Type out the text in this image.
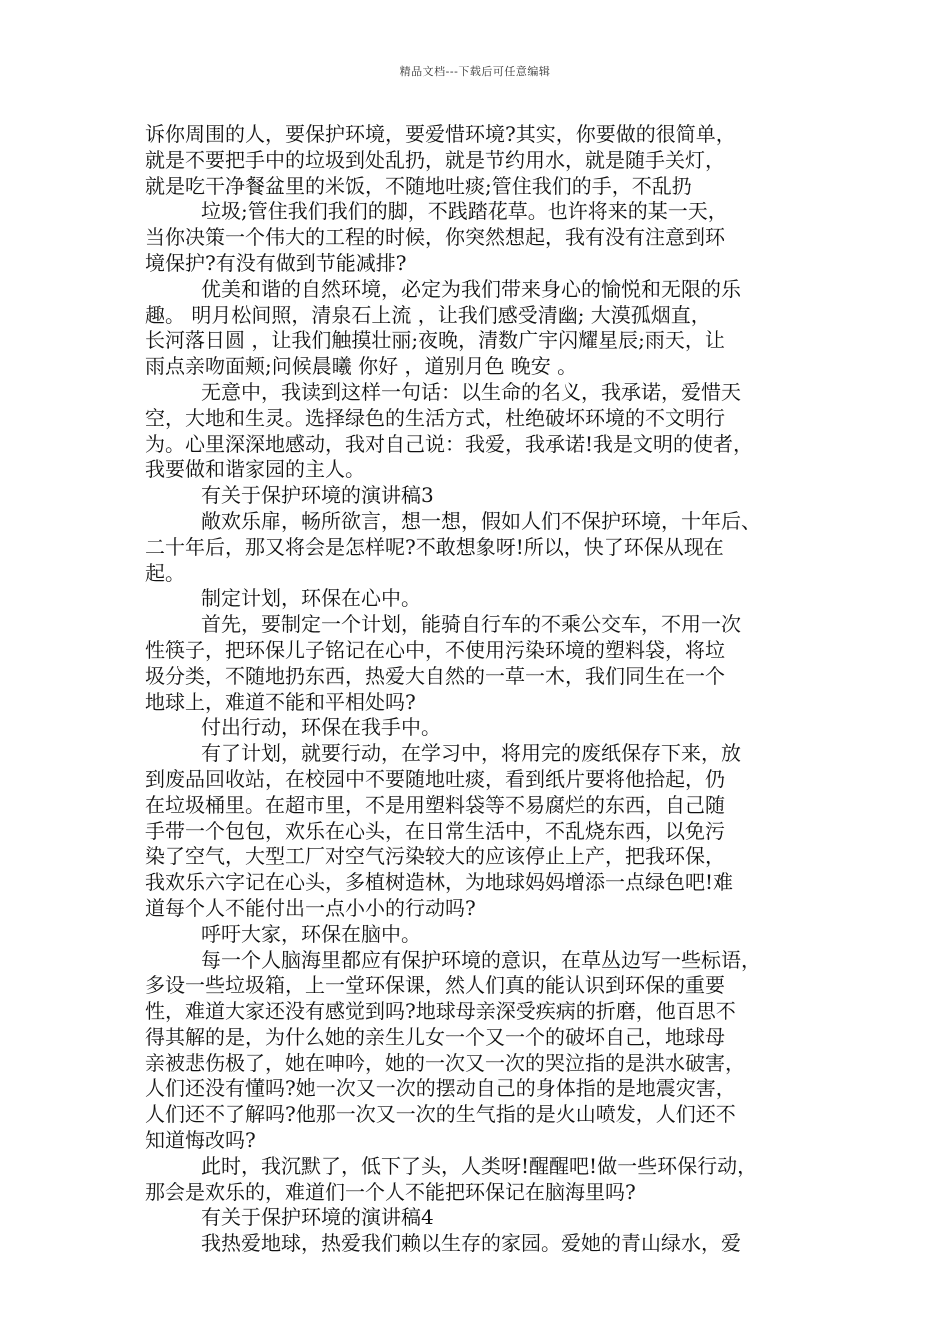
精品文档---下载后可任意编辑
诉你周围的人，要保护环境，要爱惜环境?其实，你要做的很简单，
就是不要把手中的垃圾到处乱扔，就是节约用水，就是随手关灯，
就是吃干净餐盆里的米饭，不随地吐痰;管住我们的手，不乱扔
垃圾;管住我们我们的脚，不践踏花草。也许将来的某一天，
当你决策一个伟大的工程的时候，你突然想起，我有没有注意到环
境保护?有没有做到节能减排?
优美和谐的自然环境，必定为我们带来身心的愉悦和无限的乐
趣。 明月松间照，清泉石上流 ，让我们感受清幽; 大漠孤烟直，
长河落日圆 ，让我们触摸壮丽;夜晚，清数广宇闪耀星辰;雨天，让
雨点亲吻面颊;问候晨曦 你好 ，道别月色 晚安 。
无意中，我读到这样一句话：以生命的名义，我承诺，爱惜天
空，大地和生灵。选择绿色的生活方式，杜绝破坏环境的不文明行
为。心里深深地感动，我对自己说：我爱，我承诺!我是文明的使者，
我要做和谐家园的主人。
有关于保护环境的演讲稿3
敞欢乐扉，畅所欲言，想一想，假如人们不保护环境，十年后、
二十年后，那又将会是怎样呢?不敢想象呀!所以，快了环保从现在
起。
制定计划，环保在心中。
首先，要制定一个计划，能骑自行车的不乘公交车，不用一次
性筷子，把环保儿子铭记在心中，不使用污染环境的塑料袋，将垃
圾分类，不随地扔东西，热爱大自然的一草一木，我们同生在一个
地球上，难道不能和平相处吗?
付出行动，环保在我手中。
有了计划，就要行动，在学习中，将用完的废纸保存下来，放
到废品回收站，在校园中不要随地吐痰，看到纸片要将他拾起，仍
在垃圾桶里。在超市里，不是用塑料袋等不易腐烂的东西，自己随
手带一个包包，欢乐在心头，在日常生活中，不乱烧东西，以免污
染了空气，大型工厂对空气污染较大的应该停止上产，把我环保，
我欢乐六字记在心头，多植树造林，为地球妈妈增添一点绿色吧!难
道每个人不能付出一点小小的行动吗?
呼吁大家，环保在脑中。
每一个人脑海里都应有保护环境的意识，在草丛边写一些标语，
多设一些垃圾箱，上一堂环保课，然人们真的能认识到环保的重要
性，难道大家还没有感觉到吗?地球母亲深受疾病的折磨，他百思不
得其解的是，为什么她的亲生儿女一个又一个的破坏自己，地球母
亲被悲伤极了，她在呻吟，她的一次又一次的哭泣指的是洪水破害，
人们还没有懂吗?她一次又一次的摆动自己的身体指的是地震灾害，
人们还不了解吗?他那一次又一次的生气指的是火山喷发，人们还不
知道悔改吗?
此时，我沉默了，低下了头，人类呀!醒醒吧!做一些环保行动，
那会是欢乐的，难道们一个人不能把环保记在脑海里吗?
有关于保护环境的演讲稿4
我热爱地球，热爱我们赖以生存的家园。爱她的青山绿水，爱
